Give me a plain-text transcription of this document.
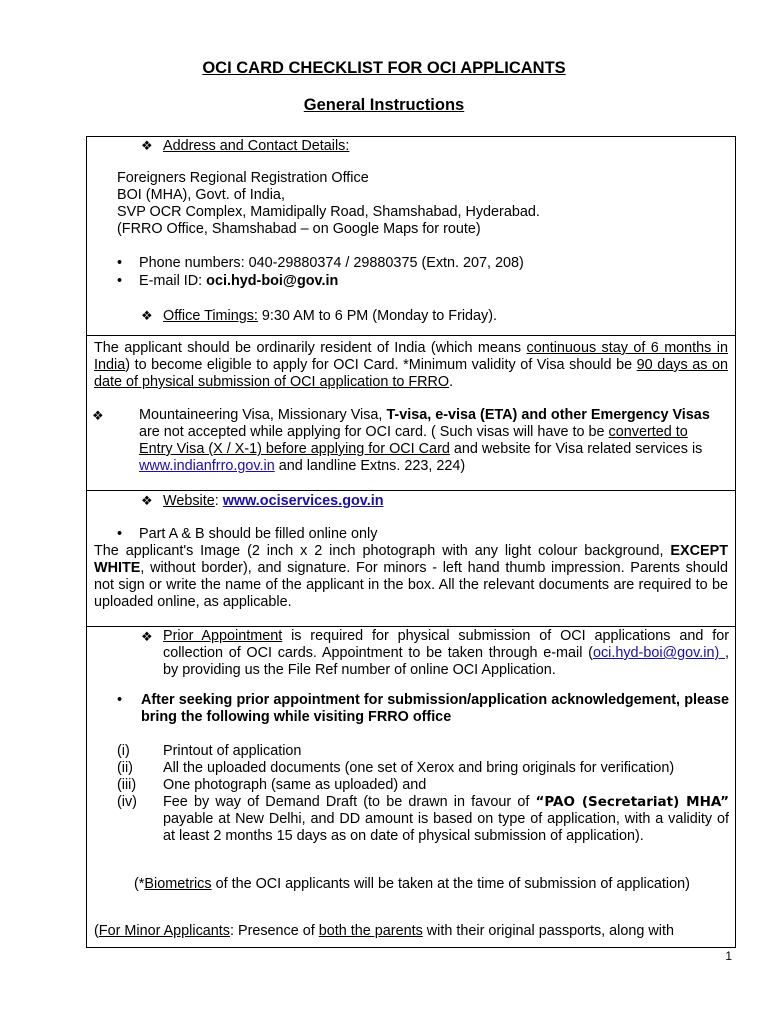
OCI CARD CHECKLIST FOR OCI APPLICANTS
General Instructions
❖ Address and Contact Details:
Foreigners Regional Registration Office
BOI (MHA), Govt. of India,
SVP OCR Complex, Mamidipally Road, Shamshabad, Hyderabad.
(FRRO Office, Shamshabad – on Google Maps for route)
• Phone numbers: 040-29880374 / 29880375 (Extn. 207, 208)
• E-mail ID: oci.hyd-boi@gov.in
❖ Office Timings: 9:30 AM to 6 PM (Monday to Friday).

The applicant should be ordinarily resident of India (which means continuous stay of 6 months in India) to become eligible to apply for OCI Card. *Minimum validity of Visa should be 90 days as on date of physical submission of OCI application to FRRO.

❖ Mountaineering Visa, Missionary Visa, T-visa, e-visa (ETA) and other Emergency Visas are not accepted while applying for OCI card. ( Such visas will have to be converted to Entry Visa (X / X-1) before applying for OCI Card and website for Visa related services is www.indianfrro.gov.in and landline Extns. 223, 224)

❖ Website: www.ociservices.gov.in
• Part A & B should be filled online only

The applicant's Image (2 inch x 2 inch photograph with any light colour background, EXCEPT WHITE, without border), and signature. For minors - left hand thumb impression. Parents should not sign or write the name of the applicant in the box. All the relevant documents are required to be uploaded online, as applicable.

❖ Prior Appointment is required for physical submission of OCI applications and for collection of OCI cards. Appointment to be taken through e-mail (oci.hyd-boi@gov.in) , by providing us the File Ref number of online OCI Application.

• After seeking prior appointment for submission/application acknowledgement, please bring the following while visiting FRRO office

(i) Printout of application
(ii) All the uploaded documents (one set of Xerox and bring originals for verification)
(iii) One photograph (same as uploaded) and
(iv) Fee by way of Demand Draft (to be drawn in favour of “PAO (Secretariat) MHA” payable at New Delhi, and DD amount is based on type of application, with a validity of at least 2 months 15 days as on date of physical submission of application).

(*Biometrics of the OCI applicants will be taken at the time of submission of application)

(For Minor Applicants: Presence of both the parents with their original passports, along with

1
